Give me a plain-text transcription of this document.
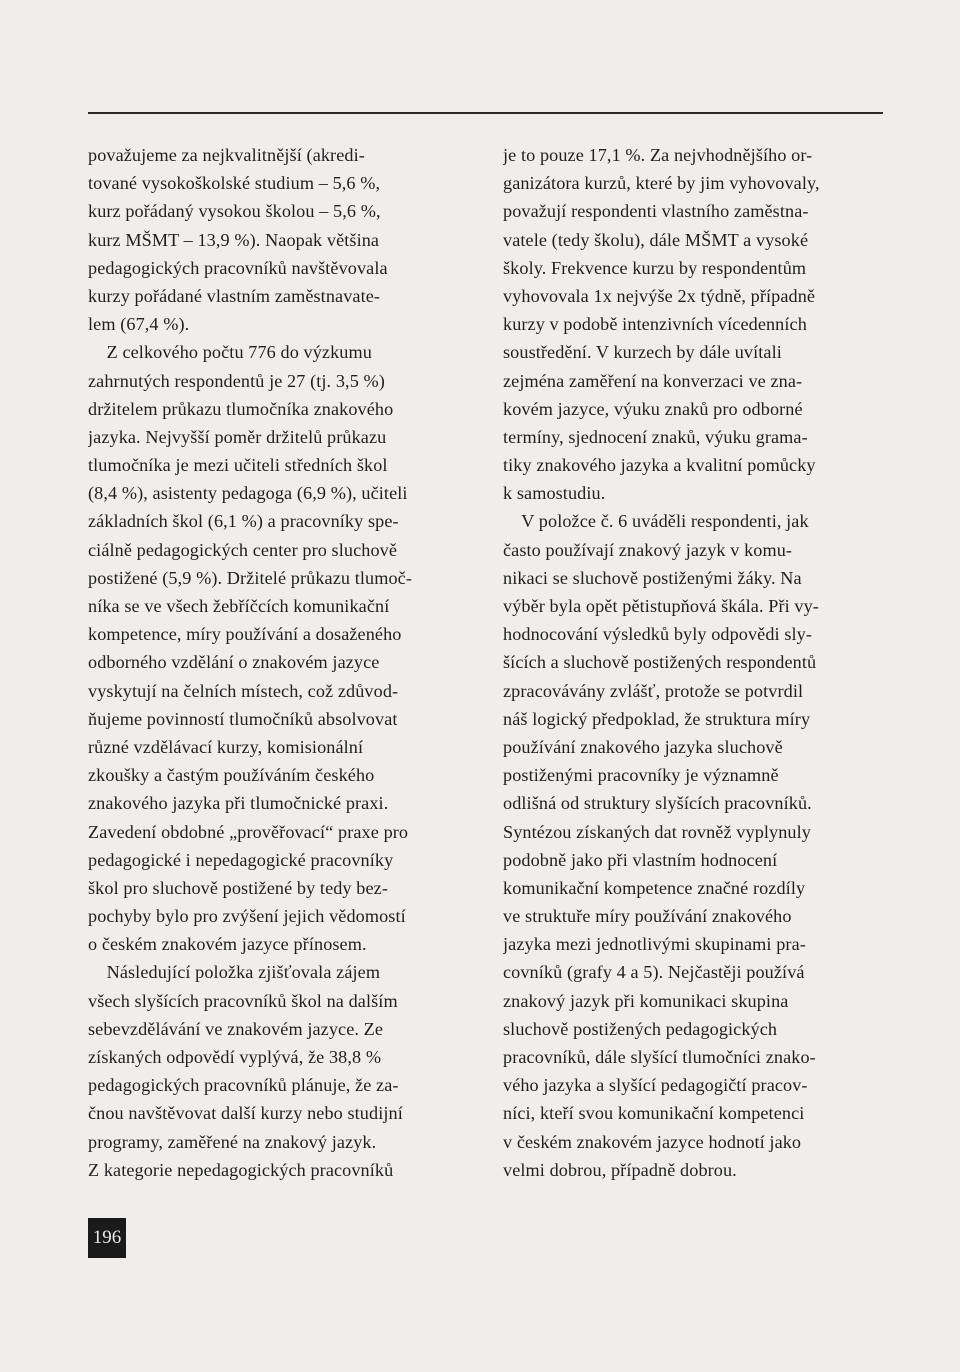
považujeme za nejkvalitnější (akredi-
tované vysokoškolské studium – 5,6 %,
kurz pořádaný vysokou školou – 5,6 %,
kurz MŠMT – 13,9 %). Naopak většina
pedagogických pracovníků navštěvovala
kurzy pořádané vlastním zaměstnavate-
lem (67,4 %).
Z celkového počtu 776 do výzkumu
zahrnutých respondentů je 27 (tj. 3,5 %)
držitelem průkazu tlumočníka znakového
jazyka. Nejvyšší poměr držitelů průkazu
tlumočníka je mezi učiteli středních škol
(8,4 %), asistenty pedagoga (6,9 %), učiteli
základních škol (6,1 %) a pracovníky spe-
ciálně pedagogických center pro sluchově
postižené (5,9 %). Držitelé průkazu tlumoč-
níka se ve všech žebříčcích komunikační
kompetence, míry používání a dosaženého
odborného vzdělání o znakovém jazyce
vyskytují na čelních místech, což zdůvod-
ňujeme povinností tlumočníků absolvovat
různé vzdělávací kurzy, komisionální
zkoušky a častým používáním českého
znakového jazyka při tlumočnické praxi.
Zavedení obdobné „prověřovací“ praxe pro
pedagogické i nepedagogické pracovníky
škol pro sluchově postižené by tedy bez-
pochyby bylo pro zvýšení jejich vědomostí
o českém znakovém jazyce přínosem.
Následující položka zjišťovala zájem
všech slyšících pracovníků škol na dalším
sebevzdělávání ve znakovém jazyce. Ze
získaných odpovědí vyplývá, že 38,8 %
pedagogických pracovníků plánuje, že za-
čnou navštěvovat další kurzy nebo studijní
programy, zaměřené na znakový jazyk.
Z kategorie nepedagogických pracovníků
je to pouze 17,1 %. Za nejvhodnějšího or-
ganizátora kurzů, které by jim vyhovovaly,
považují respondenti vlastního zaměstna-
vatele (tedy školu), dále MŠMT a vysoké
školy. Frekvence kurzu by respondentům
vyhovovala 1x nejvýše 2x týdně, případně
kurzy v podobě intenzivních vícedenních
soustředění. V kurzech by dále uvítali
zejména zaměření na konverzaci ve zna-
kovém jazyce, výuku znaků pro odborné
termíny, sjednocení znaků, výuku grama-
tiky znakového jazyka a kvalitní pomůcky
k samostudiu.
V položce č. 6 uváděli respondenti, jak
často používají znakový jazyk v komu-
nikaci se sluchově postiženými žáky. Na
výběr byla opět pětistupňová škála. Při vy-
hodnocování výsledků byly odpovědi sly-
šících a sluchově postižených respondentů
zpracovávány zvlášť, protože se potvrdil
náš logický předpoklad, že struktura míry
používání znakového jazyka sluchově
postiženými pracovníky je významně
odlišná od struktury slyšících pracovníků.
Syntézou získaných dat rovněž vyplynuly
podobně jako při vlastním hodnocení
komunikační kompetence značné rozdíly
ve struktuře míry používání znakového
jazyka mezi jednotlivými skupinami pra-
covníků (grafy 4 a 5). Nejčastěji používá
znakový jazyk při komunikaci skupina
sluchově postižených pedagogických
pracovníků, dále slyšící tlumočníci znako-
vého jazyka a slyšící pedagogičtí pracov-
níci, kteří svou komunikační kompetenci
v českém znakovém jazyce hodnotí jako
velmi dobrou, případně dobrou.
196
